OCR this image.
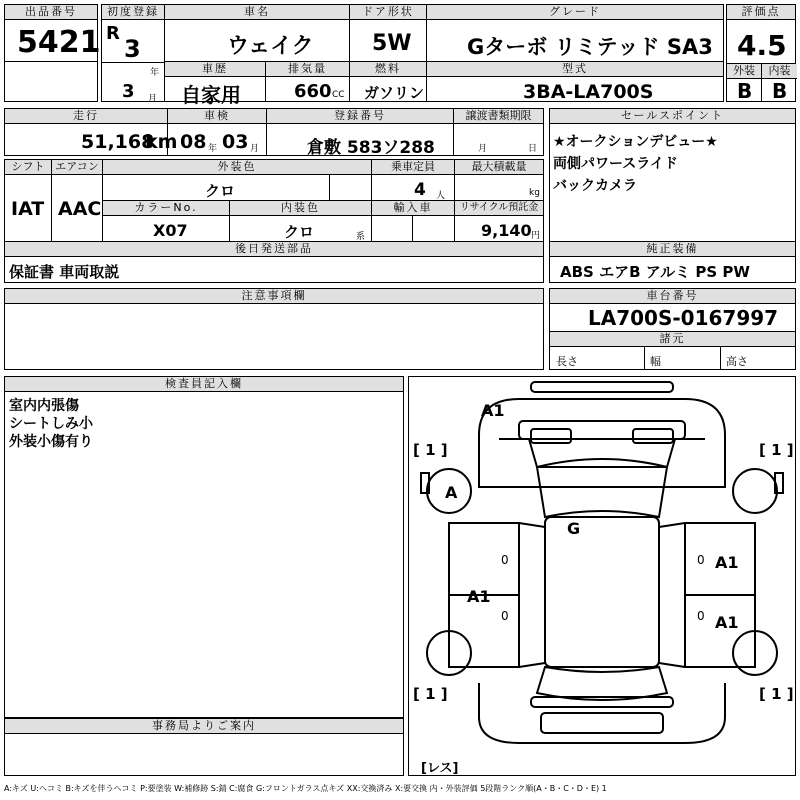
出品番号
5421
初度登録
R
3
年
3 月
車名
ウェイク
ドア形状
5W
グレード
Gターボ リミテッド SA3
評価点
4.5
外装	内装
B B
車歴
自家用
排気量
660 CC
燃料
ガソリン
型式
3BA-LA700S
走行
51,168
km
車検
08 年 03 月
登録番号
倉敷 583ソ288
譲渡書類期限
月	日
セールスポイント
★オークションデビュー★
両側パワースライド
バックカメラ
シフト
IAT
エアコン
AAC
外装色
クロ
乗車定員
4 人
最大積載量
kg
カラーNo.
X07
内装色
クロ	系
輸入車	リサイクル預託金
9,140 円
後日発送部品
保証書 車両取説
純正装備
ABS エアB アルミ PS PW
注意事項欄	車台番号
LA700S-0167997
諸元
長さ	幅	高さ
検査員記入欄
室内内張傷
シートしみ小
外装小傷有り
事務局よりご案内
A1
A
G
A1
A1
A1
[ 1 ]	[ 1 ]
[ 1 ]	[ 1 ]
[レス]
0	0
0	0
A:キズ U:ヘコミ B:キズを伴うヘコミ P:要塗装 W:補修跡 S:錆 C:腐食 G:フロントガラス点キズ XX:交換済み X:要交換 内・外装評価 5段階ランク順(A・B・C・D・E) 1
